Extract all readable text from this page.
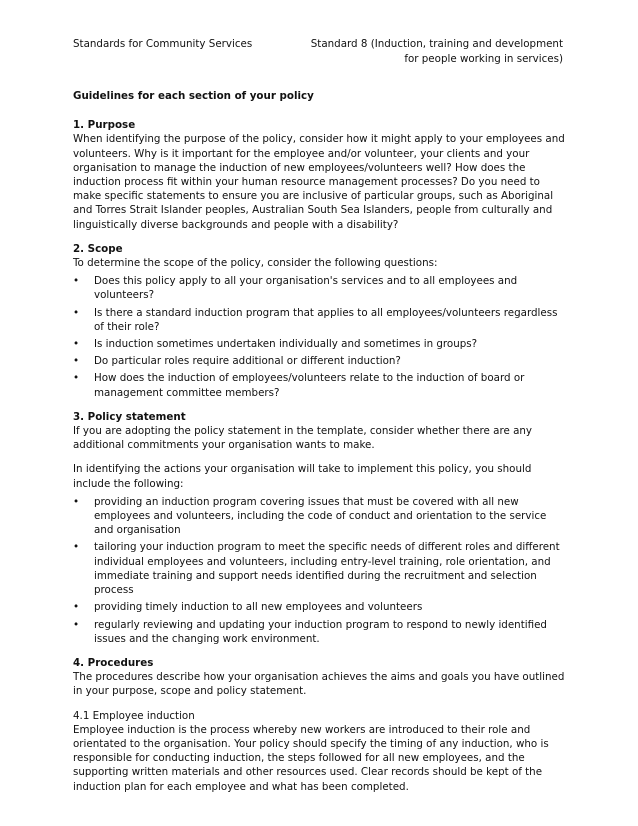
Standards for Community Services	Standard 8 (Induction, training and development
for people working in services)
Guidelines for each section of your policy
1. Purpose

When identifying the purpose of the policy, consider how it might apply to your employees and volunteers. Why is it important for the employee and/or volunteer, your clients and your organisation to manage the induction of new employees/volunteers well? How does the induction process fit within your human resource management processes? Do you need to make specific statements to ensure you are inclusive of particular groups, such as Aboriginal and Torres Strait Islander peoples, Australian South Sea Islanders, people from culturally and linguistically diverse backgrounds and people with a disability?

2. Scope
To determine the scope of the policy, consider the following questions:
• Does this policy apply to all your organisation's services and to all employees and volunteers?
• Is there a standard induction program that applies to all employees/volunteers regardless of their role?
• Is induction sometimes undertaken individually and sometimes in groups?
• Do particular roles require additional or different induction?
• How does the induction of employees/volunteers relate to the induction of board or management committee members?
3. Policy statement

If you are adopting the policy statement in the template, consider whether there are any additional commitments your organisation wants to make.

In identifying the actions your organisation will take to implement this policy, you should include the following:
• providing an induction program covering issues that must be covered with all new employees and volunteers, including the code of conduct and orientation to the service and organisation
• tailoring your induction program to meet the specific needs of different roles and different individual employees and volunteers, including entry-level training, role orientation, and immediate training and support needs identified during the recruitment and selection process
• providing timely induction to all new employees and volunteers
• regularly reviewing and updating your induction program to respond to newly identified issues and the changing work environment.
4. Procedures

The procedures describe how your organisation achieves the aims and goals you have outlined in your purpose, scope and policy statement.

4.1 Employee induction

Employee induction is the process whereby new workers are introduced to their role and orientated to the organisation. Your policy should specify the timing of any induction, who is responsible for conducting induction, the steps followed for all new employees, and the supporting written materials and other resources used. Clear records should be kept of the induction plan for each employee and what has been completed.
